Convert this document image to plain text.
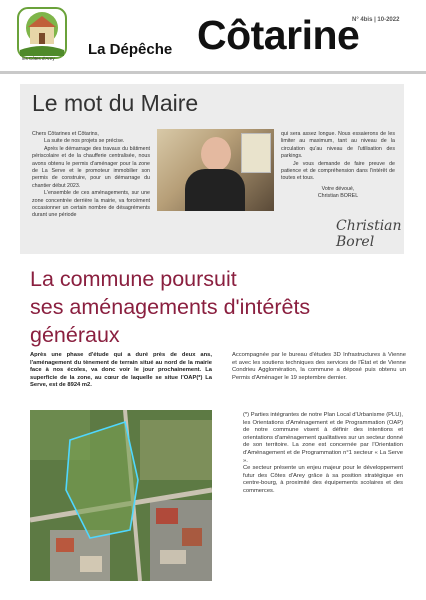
les Côtes d'Arey
La Dépêche Côtarine
N° 4bis | 10-2022
Le mot du Maire

Chers Côtarines et Côtarins,

La suite de nos projets se précise.

Après le démarrage des travaux du bâtiment périscolaire et de la chaufferie centralisée, nous avons obtenu le permis d'aménager pour la zone de La Serve et le promoteur immobilier son permis de construire, pour un démarrage du chantier début 2023.

L'ensemble de ces aménagements, sur une zone concentrée derrière la mairie, va forcément occasionner un certain nombre de désagréments durant une période

qui sera assez longue. Nous essaierons de les limiter au maximum, tant au niveau de la circulation qu'au niveau de l'utilisation des parkings.

Je vous demande de faire preuve de patience et de compréhension dans l'intérêt de toutes et tous.

Votre dévoué,

Christian BOREL

Christian Borel
La commune poursuit
ses aménagements d'intérêts
généraux
Après une phase d'étude qui a duré près de deux ans, l'aménagement du tènement de terrain situé au nord de la mairie face à nos écoles, va donc voir le jour prochainement. La superficie de la zone, au cœur de laquelle se situe l'OAP(*) La Serve, est de 8924 m2.
Accompagnée par le bureau d'études 3D Infrastructures à Vienne et avec les soutiens techniques des services de l'État et de Vienne Condrieu Agglomération, la commune a déposé puis obtenu un Permis d'Aménager le 19 septembre dernier.

(*) Parties intégrantes de notre Plan Local d'Urbanisme (PLU), les Orientations d'Aménagement et de Programmation (OAP) de notre commune visent à définir des intentions et orientations d'aménagement qualitatives sur un secteur donné de son territoire. La zone est concernée par l'Orientation d'Aménagement et de Programmation n°1 secteur « La Serve ».

Ce secteur présente un enjeu majeur pour le développement futur des Côtes d'Arey grâce à sa position stratégique en centre-bourg, à proximité des équipements scolaires et des commerces.
